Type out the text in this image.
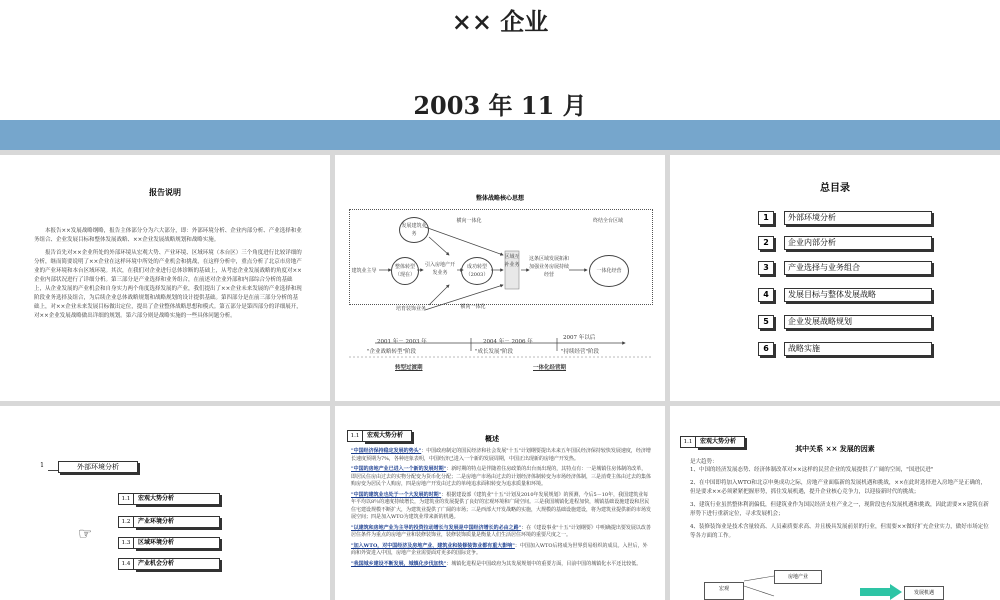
×× 企业
2003 年 11 月
报告说明

本报告××发展战略纲略，报告主体部分分为六大部分，即：外部环境分析、企业内部分析、产业选择和业务组合、企业发展目标和整体发展战略、××企业发展战略规划和战略实施。

报告首先对××企业所处的外部环境从宏观大势、产业环境、区域环境（本台区）三个角度进行比较详细的分析，继而简要说明了××企业在这样环境中所处的产业机会和挑战，在这样分析中，重点分析了北京市房地产业的产业环境和本台区域环境。其次，在我们对企业进行总体诊断的基础上，从考虑企业发展战略的角度对××企业内部状况进行了详细分析。第三部分是产业选择和业务组合，在前述对企业外部和内部综合分析的基础上，从企业发展的产业机会和自身实力两个角度选择发展的产业，我们提出了××企业未来发展的产业选择和现阶段业务选择及组合，为后续企业总体战略规划和战略规划的设计提供基础。第四部分是在前三部分分析的基础上，对××企业未来发展目标做出定位，提出了企业整体战略思想和模式。第五部分是第四部分的详细展开，对××企业发展战略做出详细的规划。第六部分则是战略实施的一些具体问题分析。

整体战略核心思想
发展建筑业务
横向一体化	终结全台区域
建筑业主导
整体转型（现在）
引入房地产开发业务
成功转型（2003）
区域互补业务
这条区域发展拓和加强业务房展持续经营
一体化经营
培育装饰业务	横向一体化
2001 年－ 2003 年
"企业战略转型"阶段
2004 年－ 2006 年
"成长发展"阶段
2007 年以后
"持续经营"阶段
转型过渡期	一体化经营期
总目录
1	外部环境分析
2	企业内部分析
3	产业选择与业务组合
4	发展目标与整体发展战略
5	企业发展战略规划
6	战略实施
1	外部环境分析
1.1	宏观大势分析
1.2	产业环境分析
1.3	区域环境分析
1.4	产业机会分析
☞
1.1	宏观大势分析	概述

"中国经济保持稳定发展的势头"：中国政府制定的国民经济和社会发展"十五"计划纲要提出未来五年国民经济保持较快发展速度，经济增长速度预期为7%，各种迹象表明，中国经济已进入一个新的发展周期，中国正出现新的房地产开发热。

"中国的房地产业已进入一个新的发展时期"：新时期的特点是伴随着住房政策的出台而出现的，其特点有：一是城镇住房体制的改革，即居民住房由过去的实物分配变为货币化分配；二是房地产市场由过去的计划经济体制转变为市场经济体制，三是消费主体由过去的集体购房变为居民个人购房，四是房地产开发由过去的单纯追求面积转变为追求质量和环境。

"中国的建筑业也处于一个大发展的时期"：根据建设部《建筑业"十五"计划及2010年发展规划》的预测，今后5－10年，我国建筑业每年平均以8％的速度持续增长，为建筑业的发展提供了良好的宏观环境和广阔空间。三是我国城镇化进程加快，城镇基础设施建设和居民住宅建设规模不断扩大，为建筑业提供了广阔的市场；三是西部大开发战略的实施，大规模的基础设施建设，将为建筑业提供新的市场发展空间；四是加入WTO为建筑业带来新的机遇。

"以建筑和房地产业为主导的投资拉动增长与发展是中国经济增长的必由之路"：在《建设事业"十五"计划纲要》中明确提出要发展以改善居住条件为重点的房地产业和装修装饰业，装修装饰质量是衡量人们生活居住环境的重要尺度之一。

"加入WTO，对中国经济及房地产业、建筑业和装修装饰业都有重大影响"：中国加入WTO后将成为世界贸易组织的成员。入世后，外商和外资进入中国，房地产企业需要面对更多的国际竞争。

"我国城乡建设不断发展，城镇化步伐加快"：城镇化进程是中国政府为其发展规划中的重要方面，目前中国的城镇化水平还比较低。

1.1	宏观大势分析
其中关系 ×× 发展的因素
是大趋势：

1、中国的经济发展态势、经济体制改革对××这样的民营企业的发展提供了广阔的空间，"国进民进"

2、在中国即将加入WTO和北京申奥成功之际，房地产业面临新的发展机遇和挑战，××在此时选择进入房地产是正确的，但是要求××必须紧紧把握形势，抓住发展机遇，提升企业核心竞争力，以迎接新时代的挑战；

3、建筑行业虽然整体利润偏低，但建筑业作为国民经济支柱产业之一，现阶段也有发展机遇和挑战，因此需要××建筑在新形势下进行重新定位，寻求发展机会；

4、装修装饰业是技术含量较高、人员素质要求高、并且极具发展前景的行业，但需要××做好扩充企业实力，做好市场定位等各方面的工作。

房地产业
宏观
发展机遇
